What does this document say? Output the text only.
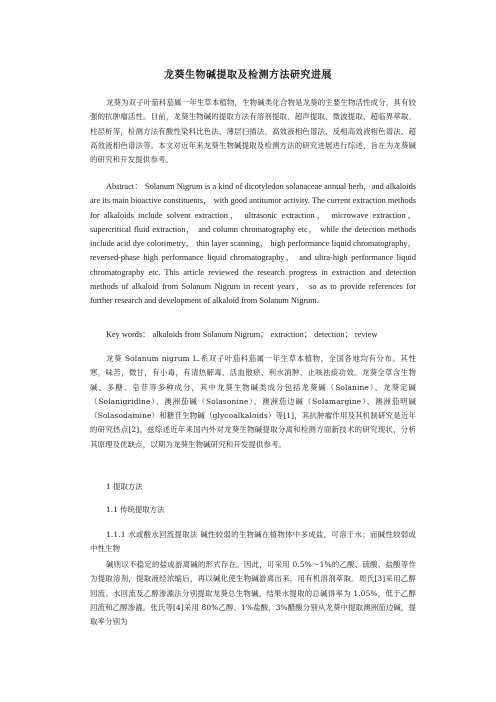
龙葵生物碱提取及检测方法研究进展
龙葵为双子叶茄科茄属一年生草本植物，生物碱类化合物是龙葵的主要生物活性成分，具有较强的抗肿瘤活性。目前，龙葵生物碱的提取方法有溶剂提取、超声提取、微波提取、超临界萃取、柱层析等，检测方法有酸性染料比色法、薄层扫描法、高效液相色谱法、反相高效液相色谱法、超高效液相色谱法等。本文对近年来龙葵生物碱提取及检测方法的研究进展进行综述，旨在为龙葵碱的研究和开发提供参考。
Abstract： Solanum Nigrum is a kind of dicotyledon solanaceae annual herb，and alkaloids are its main bioactive constituents， with good antitumor activity. The current extraction methods for alkaloids include solvent extraction， ultrasonic extraction， microwave extraction， supercritical fluid extraction， and column chromatography etc， while the detection methods include acid dye colorimetry， thin layer scanning， high performance liquid chromatography， reversed-phase high performance liquid chromatography， and ultra-high performance liquid chromatography etc. This article reviewed the research progress in extraction and detection methods of alkaloid from Solanum Nigrum in recent years， so as to provide references for further research and development of alkaloid from Solanum Nigrum.
Key words： alkaloids from Solanum Nigrum； extraction； detection； review
龙葵 Solanum nigrum L.系双子叶茄科茄属一年生草本植物，全国各地均有分布。其性寒，味苦，微甘，有小毒，有清热解毒、活血散瘀、利水消肿、止咳祛痰功效。龙葵全草含生物碱、多糖、皂苷等多种成分，其中龙葵生物碱类成分包括龙葵碱（Solanine）、龙葵定碱（Solanigridine）、澳洲茄碱（Solasonine）、澳洲茄边碱（Solamargine）、澳洲茄明碱（Solasodamine）和糖苷生物碱（glycoalkaloids）等[1]，其抗肿瘤作用及其机制研究是近年的研究热点[2]。兹综述近年来国内外对龙葵生物碱提取分离和检测方面新技术的研究现状，分析其原理及优缺点，以期为龙葵生物碱研究和开发提供参考。
1 提取方法
1.1 传统提取方法
1.1.1 水或酸水回流提取法 碱性较弱的生物碱在植物体中多成盐，可溶于水；而碱性较弱或中性生物
碱则以不稳定的盐或游离碱的形式存在。因此，可采用 0.5%～1%的乙酸、硫酸、盐酸等作为提取溶剂，提取液经浓缩后，再以碱化使生物碱游离出来，用有机溶剂萃取。周氏[3]采用乙醇回流、水回流及乙醇渗漉法分别提取龙葵总生物碱，结果水提取的总碱得率为 1.05%，低于乙醇回流和乙醇渗漉。张氏等[4]采用 80%乙醇、1%盐酸、3%醋酸分别从龙葵中提取澳洲茄边碱，提取率分别为
